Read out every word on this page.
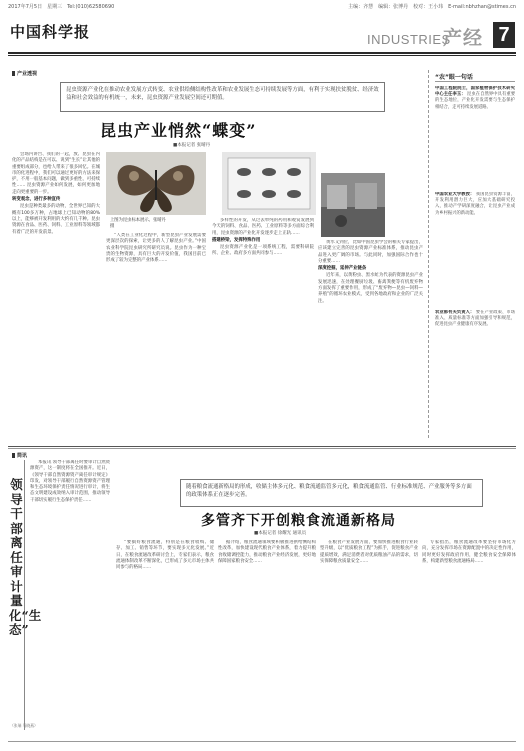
2017年7月5日　星期三　Tel:(010)62580690	主编：齐慧　编辑：张博丹　校对：王小玮　E-mail:nbhzhan@stimes.cn
中国科学报	INDUSTRIES
产经 7
产业透视
昆虫资源产业化在推动农业发展方式转变、农业供给侧结构性改革和农业发展生态可持续发展等方面，有利于实现扶贫脱贫、经济效益和社会效益的有机统一，未来，昆虫资源产业发展空间还可期值。
昆虫产业悄然“蝶变”
■本报记者 张晴丹
会场内讲台、我们的一起，放、昆虫在内化的产品结构是在可以、说到“生长”让其他的重要组成部分，也给人带来了很多回忆。在城市的化进程中，我们可以通过更好的方法来保护，不用一般基本问题，做到多重性、可持续性…… 昆虫资源产业如何发展，如何更加地走向更重要的一步。
转变观念，进行多种宣传
昆虫是种类最多的动物，全世界已知的大概有100多万种，占地球上已知动物的80%以上，能够被开发利用的大约有几千种。昆虫资源在食品、医药、饲料、工业原料等领域都有着广泛的开发前景。
上图为昆虫标本展示。张晴丹 摄
“人类在工业化过程中，新型昆虫产业发展需要更深层次的探索，让更多的人了解昆虫产业。”中国农业科学院昆虫研究所研究员说。昆虫作为一种宝贵的生物资源，具有巨大的开发价值，我国目前已形成了较为完整的产业体系……
多样性的开发，从过去单纯的药用和观赏发展到今天的饲料、食品、医药、工业原料等多方面综合利用，昆虫资源的产业化开发逐步走上正轨……
搭建桥梁，发挥特殊作用
昆虫资源产业化是一项系统工程，需要科研院所、企业、政府多方面共同参与……
黄水又到位，比如中国昆虫学会的相关专家提出，应该建立完善的昆虫资源产业标准体系，推动昆虫产品进入更广阔的市场。与此同时，加强国际合作也十分重要……
深度挖掘，延伸产业链条
近年来，以黄粉虫、黑水虻为代表的资源昆虫产业发展迅速，在处理餐厨垃圾、畜禽粪便等有机废弃物方面发挥了重要作用，形成了“废弃物—昆虫—饲料—养殖”的循环农业模式，受到各地政府和企业的广泛关注。
“农”眼一句话
中国工程院院士，国家植物保护技术研究中心主任李玉： 昆虫在自然界中具有重要的生态地位，产业化开发需要与生态保护相结合，走可持续发展道路。
中国农业大学教授： 我国昆虫资源丰富，开发利用潜力巨大，应加大基础研究投入，推动产学研深度融合，让昆虫产业成为乡村振兴的新动能。
农业部有关负责人： 要在产业政策、市场准入、质量标准等方面加强引导和规范，促进昆虫产业健康有序发展。
简讯
领导干部离任审计量化“生态”
（张瑞 马晓燕）
本报讯 领导干部离任时要审计自然资源资产，这一制度将在全国推开。近日，《领导干部自然资源资产离任审计规定》印发，对领导干部履行自然资源资产管理和生态环境保护责任情况进行审计，将生态文明建设成效纳入审计范围，推动领导干部切实履行生态保护责任……
随着粮食流通新格局的形成，收储主体多元化、粮食流通监管多元化，粮食流通监管、行业标准规范、产业服务等多方面的政策体系正在逐步完善。
多管齐下开创粮食流通新格局
■本报记者 徐耀光 通讯员
“要搞好粮食流通，特别是在粮食收购、储存、加工、销售等环节，要实现多元化发展。”近日，在粮食流通改革研讨会上，专家们表示，粮食流通体制改革不断深化，已形成了多元市场主体共同参与的格局……
据介绍，粮食流通领域要积极推进供给侧结构性改革，加快建设现代粮食产业体系，着力提升粮食收储调控能力，推动粮食产业经济发展，更好地保障国家粮食安全……
在粮食产业发展方面，要加快推进粮食行业转型升级，以“优质粮食工程”为抓手，促进粮食产业提质增效，满足消费者对优质粮油产品的需求，切实保障粮食质量安全……
专家指出，粮食流通改革要坚持市场化方向，充分发挥市场在资源配置中的决定性作用，同时更好发挥政府作用，健全粮食安全保障体系，构建新型粮食流通格局……
